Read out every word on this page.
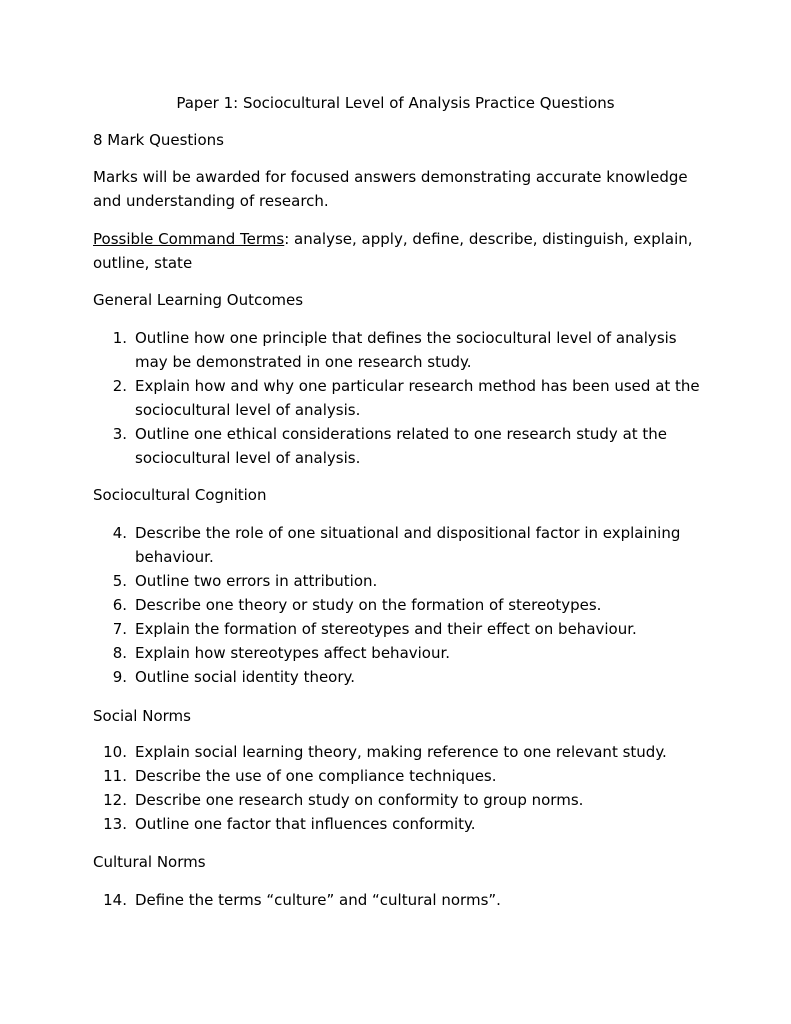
Paper 1: Sociocultural Level of Analysis Practice Questions
8 Mark Questions
Marks will be awarded for focused answers demonstrating accurate knowledge and understanding of research.
Possible Command Terms: analyse, apply, define, describe, distinguish, explain, outline, state
General Learning Outcomes
1. Outline how one principle that defines the sociocultural level of analysis may be demonstrated in one research study.
2. Explain how and why one particular research method has been used at the sociocultural level of analysis.
3. Outline one ethical considerations related to one research study at the sociocultural level of analysis.
Sociocultural Cognition
4. Describe the role of one situational and dispositional factor in explaining behaviour.
5. Outline two errors in attribution.
6. Describe one theory or study on the formation of stereotypes.
7. Explain the formation of stereotypes and their effect on behaviour.
8. Explain how stereotypes affect behaviour.
9. Outline social identity theory.
Social Norms
10. Explain social learning theory, making reference to one relevant study.
11. Describe the use of one compliance techniques.
12. Describe one research study on conformity to group norms.
13. Outline one factor that influences conformity.
Cultural Norms
14. Define the terms “culture” and “cultural norms”.
